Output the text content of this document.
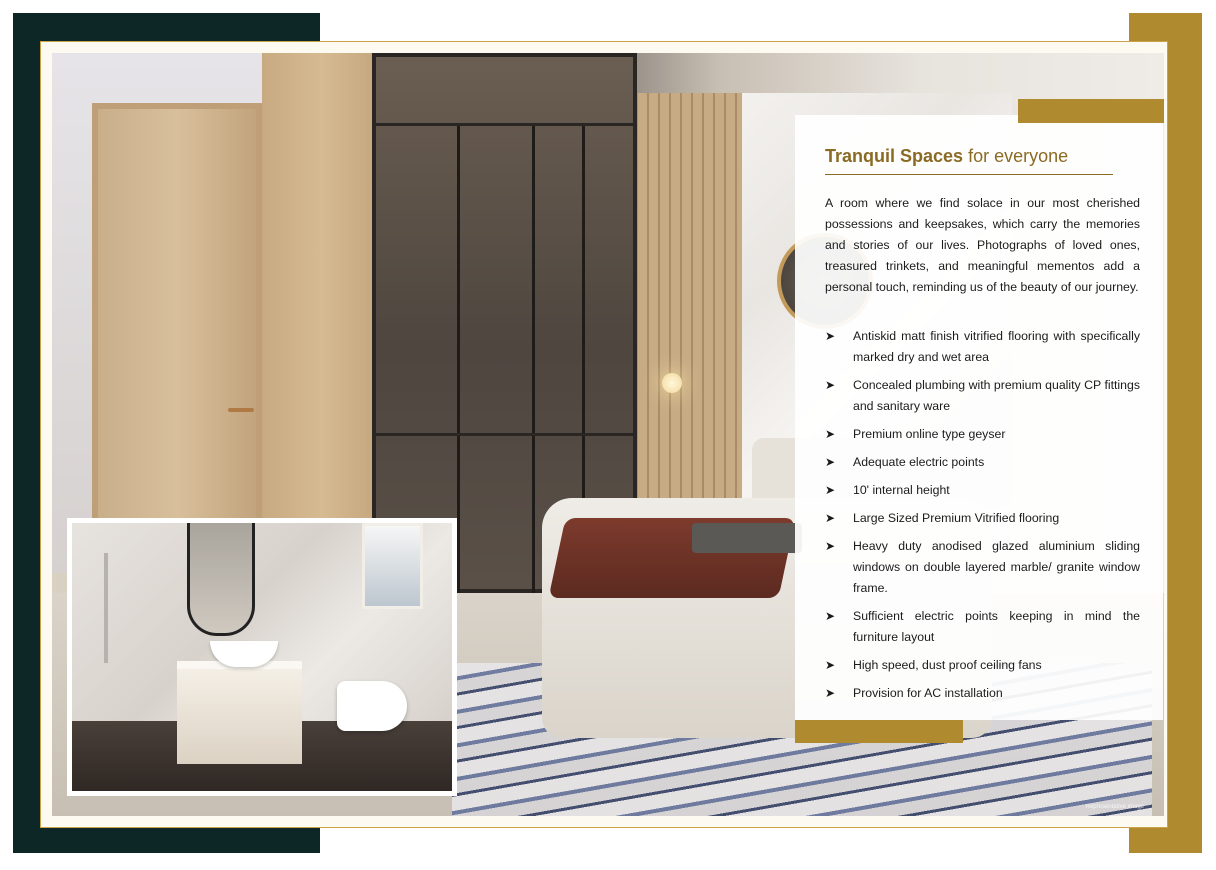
Representative image
Tranquil Spaces for everyone

A room where we find solace in our most cherished possessions and keepsakes, which carry the memories and stories of our lives. Photographs of loved ones, treasured trinkets, and meaningful mementos add a personal touch, reminding us of the beauty of our journey.

➤ Antiskid matt finish vitrified flooring with specifically marked dry and wet area
➤ Concealed plumbing with premium quality CP fittings and sanitary ware
➤ Premium online type geyser
➤ Adequate electric points
➤ 10' internal height
➤ Large Sized Premium Vitrified flooring
➤ Heavy duty anodised glazed aluminium sliding windows on double layered marble/ granite window frame.
➤ Sufficient electric points keeping in mind the furniture layout
➤ High speed, dust proof ceiling fans
➤ Provision for AC installation
